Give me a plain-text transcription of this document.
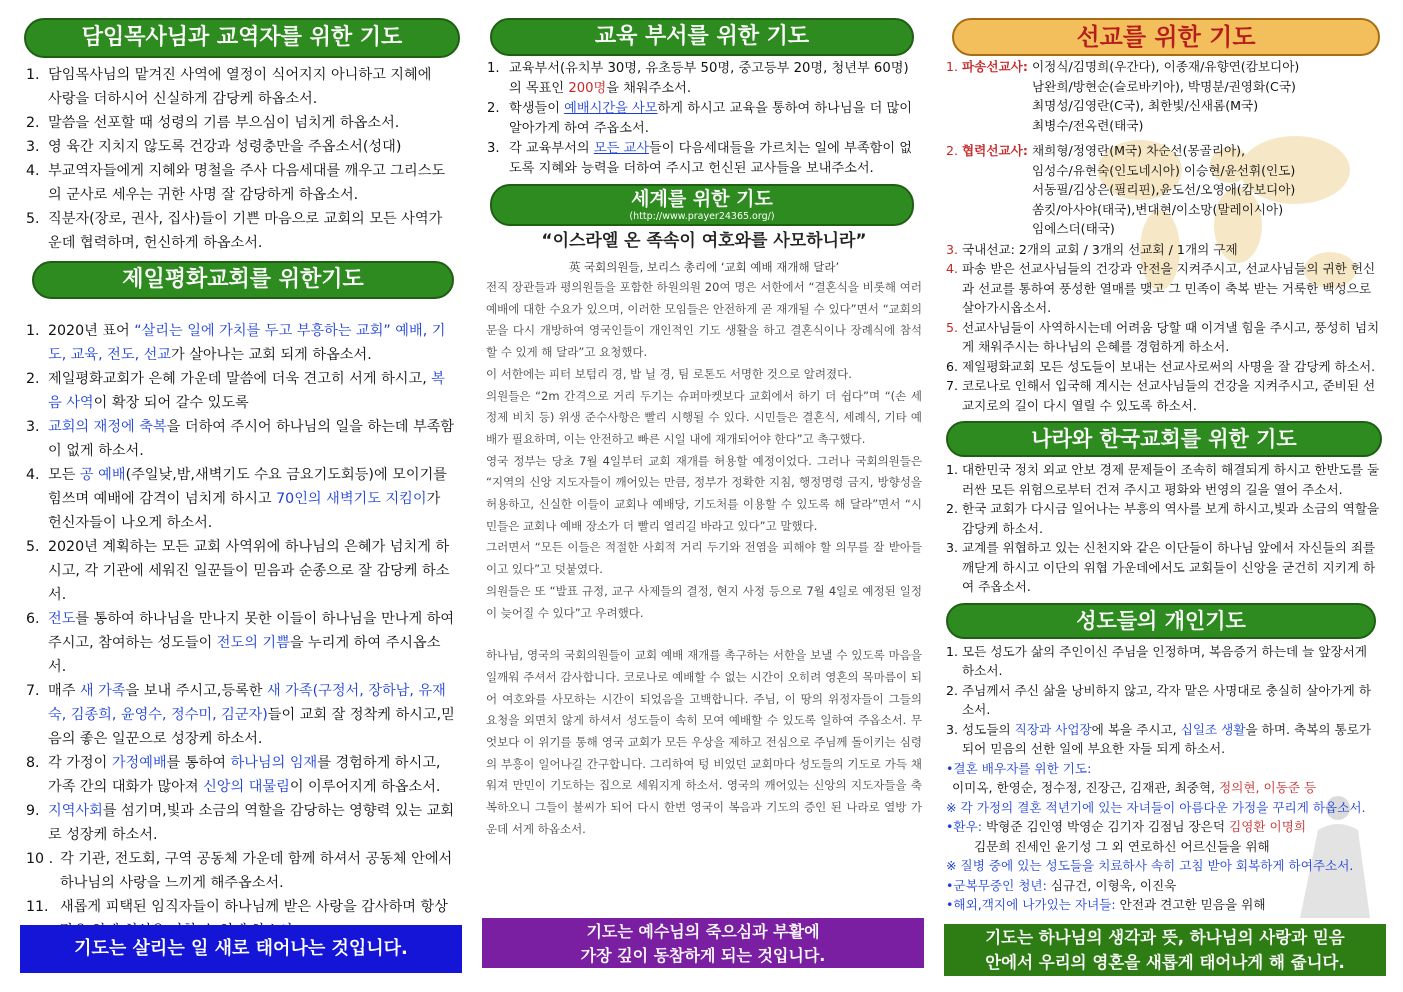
담임목사님과 교역자를 위한 기도
1. 담임목사님의 맡겨진 사역에 열정이 식어지지 아니하고 지혜에 사랑을 더하시어 신실하게 감당케 하옵소서.
2. 말씀을 선포할 때 성령의 기름 부으심이 넘치게 하옵소서.
3. 영 육간 지치지 않도록 건강과 성령충만을 주옵소서(성대)
4. 부교역자들에게 지혜와 명철을 주사 다음세대를 깨우고 그리스도의 군사로 세우는 귀한 사명 잘 감당하게 하옵소서.
5. 직분자(장로, 권사, 집사)들이 기쁜 마음으로 교회의 모든 사역가운데 협력하며, 헌신하게 하옵소서.
제일평화교회를 위한기도
1. 2020년 표어 “살리는 일에 가치를 두고 부흥하는 교회” 예배, 기도, 교육, 전도, 선교가 살아나는 교회 되게 하옵소서.
2. 제일평화교회가 은혜 가운데 말씀에 더욱 견고히 서게 하시고, 복음 사역이 확장 되어 갈수 있도록
3. 교회의 재정에 축복을 더하여 주시어 하나님의 일을 하는데 부족함이 없게 하소서.
4. 모든 공 예배(주일낮,밤,새벽기도 수요 금요기도회등)에 모이기를 힘쓰며 예배에 감격이 넘치게 하시고 70인의 새벽기도 지킴이가 헌신자들이 나오게 하소서.
5. 2020년 계획하는 모든 교회 사역위에 하나님의 은혜가 넘치게 하시고, 각 기관에 세워진 일꾼들이 믿음과 순종으로 잘 감당케 하소서.
6. 전도를 통하여 하나님을 만나지 못한 이들이 하나님을 만나게 하여 주시고, 참여하는 성도들이 전도의 기쁨을 누리게 하여 주시옵소서.
7. 매주 새 가족을 보내 주시고,등록한 새 가족(구정서, 장하남, 유재숙, 김종희, 윤영수, 정수미, 김군자)들이 교회 잘 정착케 하시고,믿음의 좋은 일꾼으로 성장케 하소서.
8. 각 가정이 가정예배를 통하여 하나님의 임재를 경험하게 하시고, 가족 간의 대화가 많아져 신앙의 대물림이 이루어지게 하옵소서.
9. 지역사회를 섬기며,빛과 소금의 역할을 감당하는 영향력 있는 교회로 성장케 하소서.
10 . 각 기관, 전도회, 구역 공동체 가운데 함께 하셔서 공동체 안에서 하나님의 사랑을 느끼게 해주옵소서.
11. 새롭게 피택된 임직자들이 하나님께 받은 사랑을 감사하며 항상
기도는 살리는 일 새로 태어나는 것입니다.
교육 부서를 위한 기도
1. 교육부서(유치부 30명, 유초등부 50명, 중고등부 20명, 청년부 60명)의 목표인 200명을 채워주소서.
2. 학생들이 예배시간을 사모하게 하시고 교육을 통하여 하나님을 더 많이 알아가게 하여 주옵소서.
3. 각 교육부서의 모든 교사들이 다음세대들을 가르치는 일에 부족함이 없도록 지혜와 능력을 더하여 주시고 헌신된 교사들을 보내주소서.
세계를 위한 기도
(http://www.prayer24365.org/)
“이스라엘 온 족속이 여호와를 사모하니라”
英 국회의원들, 보리스 총리에 ‘교회 예배 재개해 달라’

전직 장관들과 평의원들을 포함한 하원의원 20여 명은 서한에서 “결혼식을 비롯해 여러 예배에 대한 수요가 있으며, 이러한 모임들은 안전하게 곧 재개될 수 있다”면서 “교회의 문을 다시 개방하여 영국인들이 개인적인 기도 생활을 하고 결혼식이나 장례식에 참석할 수 있게 해 달라”고 요청했다.

이 서한에는 피터 보텀리 경, 밥 닐 경, 팀 로톤도 서명한 것으로 알려졌다.

의원들은 “2m 간격으로 거리 두기는 슈퍼마켓보다 교회에서 하기 더 쉽다”며 “(손 세정제 비치 등) 위생 준수사항은 빨리 시행될 수 있다. 시민들은 결혼식, 세례식, 기타 예배가 필요하며, 이는 안전하고 빠른 시일 내에 재개되어야 한다”고 촉구했다.

영국 정부는 당초 7월 4일부터 교회 재개를 허용할 예정이었다. 그러나 국회의원들은 “지역의 신앙 지도자들이 깨어있는 만큼, 정부가 정확한 지침, 행정명령 금지, 방향성을 허용하고, 신실한 이들이 교회나 예배당, 기도처를 이용할 수 있도록 해 달라”면서 “시민들은 교회나 예배 장소가 더 빨리 열리길 바라고 있다”고 말했다.

그러면서 “모든 이들은 적절한 사회적 거리 두기와 전염을 피해야 할 의무를 잘 받아들이고 있다”고 덧붙였다.

의원들은 또 “발표 규정, 교구 사제들의 결정, 현지 사정 등으로 7월 4일로 예정된 일정이 늦어질 수 있다”고 우려했다.

하나님, 영국의 국회의원들이 교회 예배 재개를 촉구하는 서한을 보낼 수 있도록 마음을 일깨워 주셔서 감사합니다. 코로나로 예배할 수 없는 시간이 오히려 영혼의 목마름이 되어 여호와를 사모하는 시간이 되었음을 고백합니다. 주님, 이 땅의 위정자들이 그들의 요청을 외면치 않게 하셔서 성도들이 속히 모여 예배할 수 있도록 일하여 주옵소서. 무엇보다 이 위기를 통해 영국 교회가 모든 우상을 제하고 전심으로 주님께 돌이키는 심령의 부흥이 일어나길 간구합니다. 그리하여 텅 비었던 교회마다 성도들의 기도로 가득 채워져 만민이 기도하는 집으로 세워지게 하소서. 영국의 깨어있는 신앙의 지도자들을 축복하오니 그들이 불씨가 되어 다시 한번 영국이 복음과 기도의 증인 된 나라로 열방 가운데 서게 하옵소서.

기도는 예수님의 죽으심과 부활에
가장 깊이 동참하게 되는 것입니다.
선교를 위한 기도
1. 파송선교사: 이정식/김명희(우간다), 이종재/유향연(캄보디아)
남완희/방현순(슬로바키아), 박명분/권영화(C국)
최명성/김영란(C국), 최한빛/신새롬(M국)
최병수/전옥련(태국)
2. 협력선교사: 채희형/정영란(M국) 차순선(몽골리아),
임성수/유현숙(인도네시아) 이승현/윤선휘(인도)
서동필/김상은(필리핀),윤도선/오영애(캄보디아)
쏨킷/아사야(태국),변대현/이소망(말레이시아)
임에스더(태국)
3. 국내선교: 2개의 교회 / 3개의 선교회 / 1개의 구제
4. 파송 받은 선교사님들의 건강과 안전을 지켜주시고, 선교사님들의 귀한 헌신과 선교를 통하여 풍성한 열매를 맺고 그 민족이 축복 받는 거룩한 백성으로 살아가시옵소서.
5. 선교사님들이 사역하시는데 어려움 당할 때 이겨낼 힘을 주시고, 풍성히 넘치게 채워주시는 하나님의 은혜를 경험하게 하소서.
6. 제일평화교회 모든 성도들이 보내는 선교사로써의 사명을 잘 감당케 하소서.
7. 코로나로 인해서 입국해 계시는 선교사님들의 건강을 지켜주시고, 준비된 선교지로의 길이 다시 열릴 수 있도록 하소서.
나라와 한국교회를 위한 기도
1. 대한민국 정치 외교 안보 경제 문제들이 조속히 해결되게 하시고 한반도를 둘러싼 모든 위험으로부터 건져 주시고 평화와 번영의 길을 열어 주소서.
2. 한국 교회가 다시금 일어나는 부흥의 역사를 보게 하시고,빛과 소금의 역할을 감당케 하소서.
3. 교계를 위협하고 있는 신천지와 같은 이단들이 하나님 앞에서 자신들의 죄를 깨닫게 하시고 이단의 위협 가운데에서도 교회들이 신앙을 굳건히 지키게 하여 주옵소서.
성도들의 개인기도
1. 모든 성도가 삶의 주인이신 주님을 인정하며, 복음증거 하는데 늘 앞장서게 하소서.
2. 주님께서 주신 삶을 낭비하지 않고, 각자 맡은 사명대로 충실히 살아가게 하소서.
3. 성도들의 직장과 사업장에 복을 주시고, 십일조 생활을 하며. 축복의 통로가 되어 믿음의 선한 일에 부요한 자들 되게 하소서.
•결혼 배우자를 위한 기도:
이미옥, 한영순, 정수정, 진장근, 김재관, 최중혁, 정의현, 이동준 등
※ 각 가정의 결혼 적년기에 있는 자녀들이 아름다운 가정을 꾸리게 하옵소서.
•환우: 박형준 김인영 박영순 김기자 김점님 장은덕 김영환 이명희
김문희 진세인 윤기성 그 외 연로하신 어르신들을 위해
※ 질병 중에 있는 성도들을 치료하사 속히 고침 받아 회복하게 하여주소서.
•군복무중인 청년: 심규건, 이형욱, 이진욱
•해외,객지에 나가있는 자녀들: 안전과 견고한 믿음을 위해
기도는 하나님의 생각과 뜻, 하나님의 사랑과 믿음
안에서 우리의 영혼을 새롭게 태어나게 해 줍니다.
